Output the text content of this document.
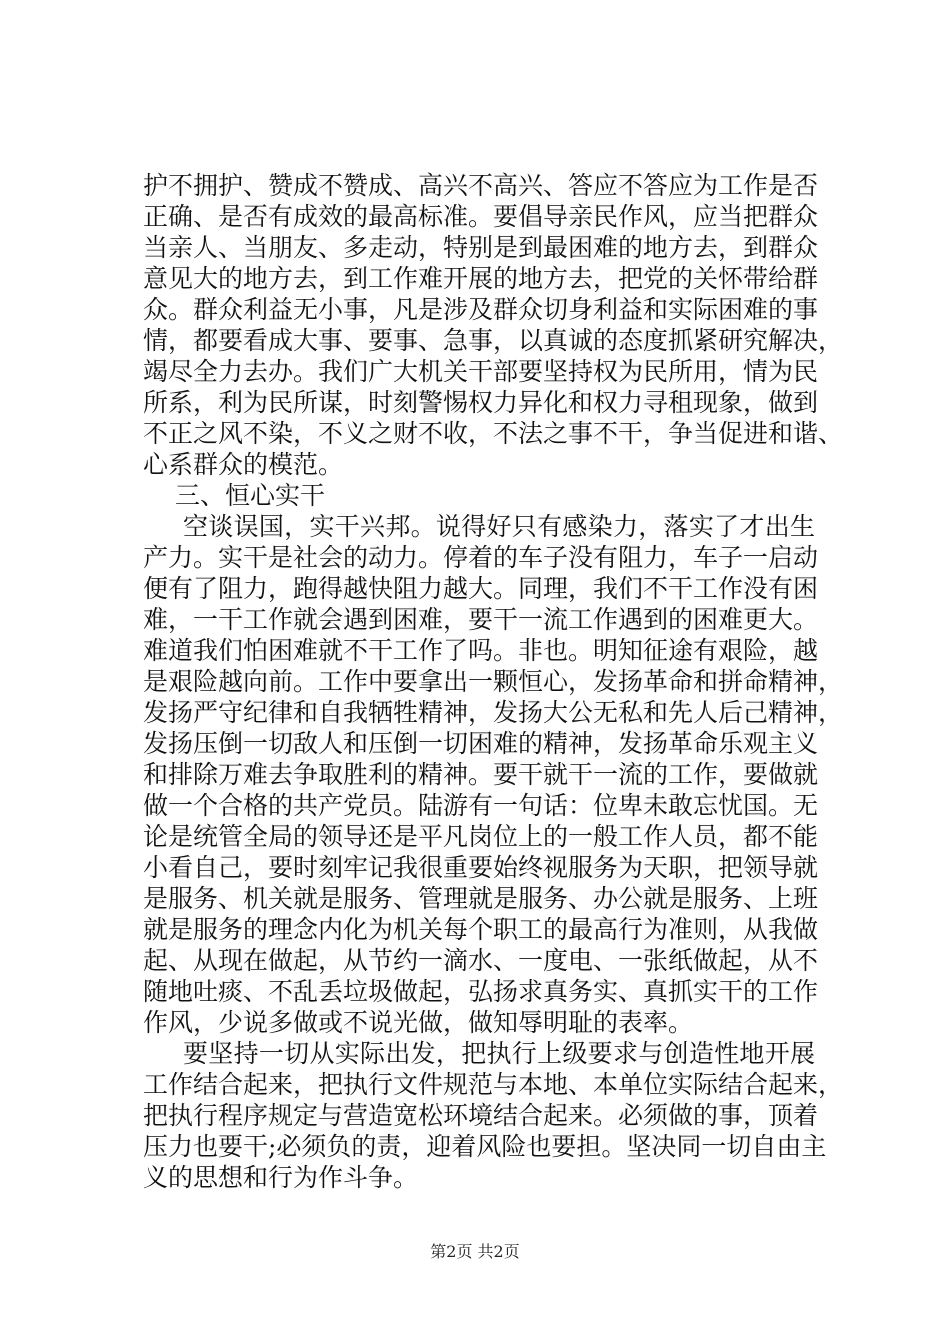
护不拥护、赞成不赞成、高兴不高兴、答应不答应为工作是否
正确、是否有成效的最高标准。要倡导亲民作风，应当把群众
当亲人、当朋友、多走动，特别是到最困难的地方去，到群众
意见大的地方去，到工作难开展的地方去，把党的关怀带给群
众。群众利益无小事，凡是涉及群众切身利益和实际困难的事
情，都要看成大事、要事、急事，以真诚的态度抓紧研究解决，
竭尽全力去办。我们广大机关干部要坚持权为民所用，情为民
所系，利为民所谋，时刻警惕权力异化和权力寻租现象，做到
不正之风不染，不义之财不收，不法之事不干，争当促进和谐、
心系群众的模范。
三、恒心实干
空谈误国，实干兴邦。说得好只有感染力，落实了才出生
产力。实干是社会的动力。停着的车子没有阻力，车子一启动
便有了阻力，跑得越快阻力越大。同理，我们不干工作没有困
难，一干工作就会遇到困难，要干一流工作遇到的困难更大。
难道我们怕困难就不干工作了吗。非也。明知征途有艰险，越
是艰险越向前。工作中要拿出一颗恒心，发扬革命和拼命精神，
发扬严守纪律和自我牺牲精神，发扬大公无私和先人后己精神，
发扬压倒一切敌人和压倒一切困难的精神，发扬革命乐观主义
和排除万难去争取胜利的精神。要干就干一流的工作，要做就
做一个合格的共产党员。陆游有一句话：位卑未敢忘忧国。无
论是统管全局的领导还是平凡岗位上的一般工作人员，都不能
小看自己，要时刻牢记我很重要始终视服务为天职，把领导就
是服务、机关就是服务、管理就是服务、办公就是服务、上班
就是服务的理念内化为机关每个职工的最高行为准则，从我做
起、从现在做起，从节约一滴水、一度电、一张纸做起，从不
随地吐痰、不乱丢垃圾做起，弘扬求真务实、真抓实干的工作
作风，少说多做或不说光做，做知辱明耻的表率。
要坚持一切从实际出发，把执行上级要求与创造性地开展
工作结合起来，把执行文件规范与本地、本单位实际结合起来，
把执行程序规定与营造宽松环境结合起来。必须做的事，顶着
压力也要干;必须负的责，迎着风险也要担。坚决同一切自由主
义的思想和行为作斗争。
第2页 共2页
